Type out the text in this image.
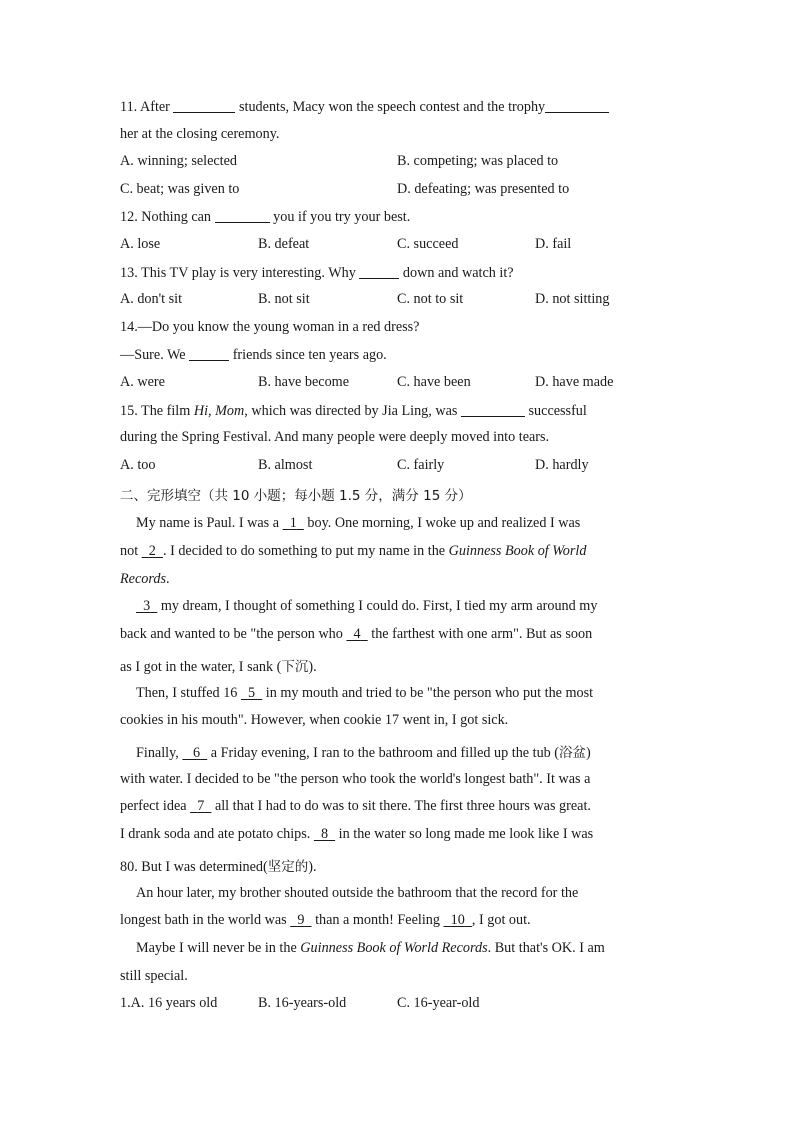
11. After	students, Macy won the speech contest and the trophy
her at the closing ceremony.
A. winning; selected	B. competing; was placed to
C. beat; was given to	D. defeating; was presented to
12. Nothing can	you if you try your best.
A. lose	B. defeat	C. succeed	D. fail
13. This TV play is very interesting. Why	down and watch it?
A. don't sit	B. not sit	C. not to sit	D. not sitting
14.—Do you know the young woman in a red dress?
—Sure. We	friends since ten years ago.
A. were	B. have become	C. have been	D. have made
15. The film Hi, Mom, which was directed by Jia Ling, was	successful
during the Spring Festival. And many people were deeply moved into tears.
A. too	B. almost	C. fairly	D. hardly
二、完形填空（共 10 小题；每小题 1.5 分，满分 15 分）
My name is Paul. I was a   1   boy. One morning, I woke up and realized I was
not   2 . I decided to do something to put my name in the Guinness Book of World
Records.
3   my dream, I thought of something I could do. First, I tied my arm around my
back and wanted to be "the person who   4   the farthest with one arm". But as soon
as I got in the water, I sank (下沉).
Then, I stuffed 16   5   in my mouth and tried to be "the person who put the most
cookies in his mouth". However, when cookie 17 went in, I got sick.
Finally,    6   a Friday evening, I ran to the bathroom and filled up the tub (浴盆)
with water. I decided to be "the person who took the world's longest bath". It was a
perfect idea   7   all that I had to do was to sit there. The first three hours was great.
I drank soda and ate potato chips.   8   in the water so long made me look like I was
80. But I was determined(坚定的).
An hour later, my brother shouted outside the bathroom that the record for the
longest bath in the world was   9   than a month! Feeling   10 , I got out.
Maybe I will never be in the Guinness Book of World Records. But that's OK. I am
still special.
1.A. 16 years old	B. 16-years-old	C. 16-year-old
